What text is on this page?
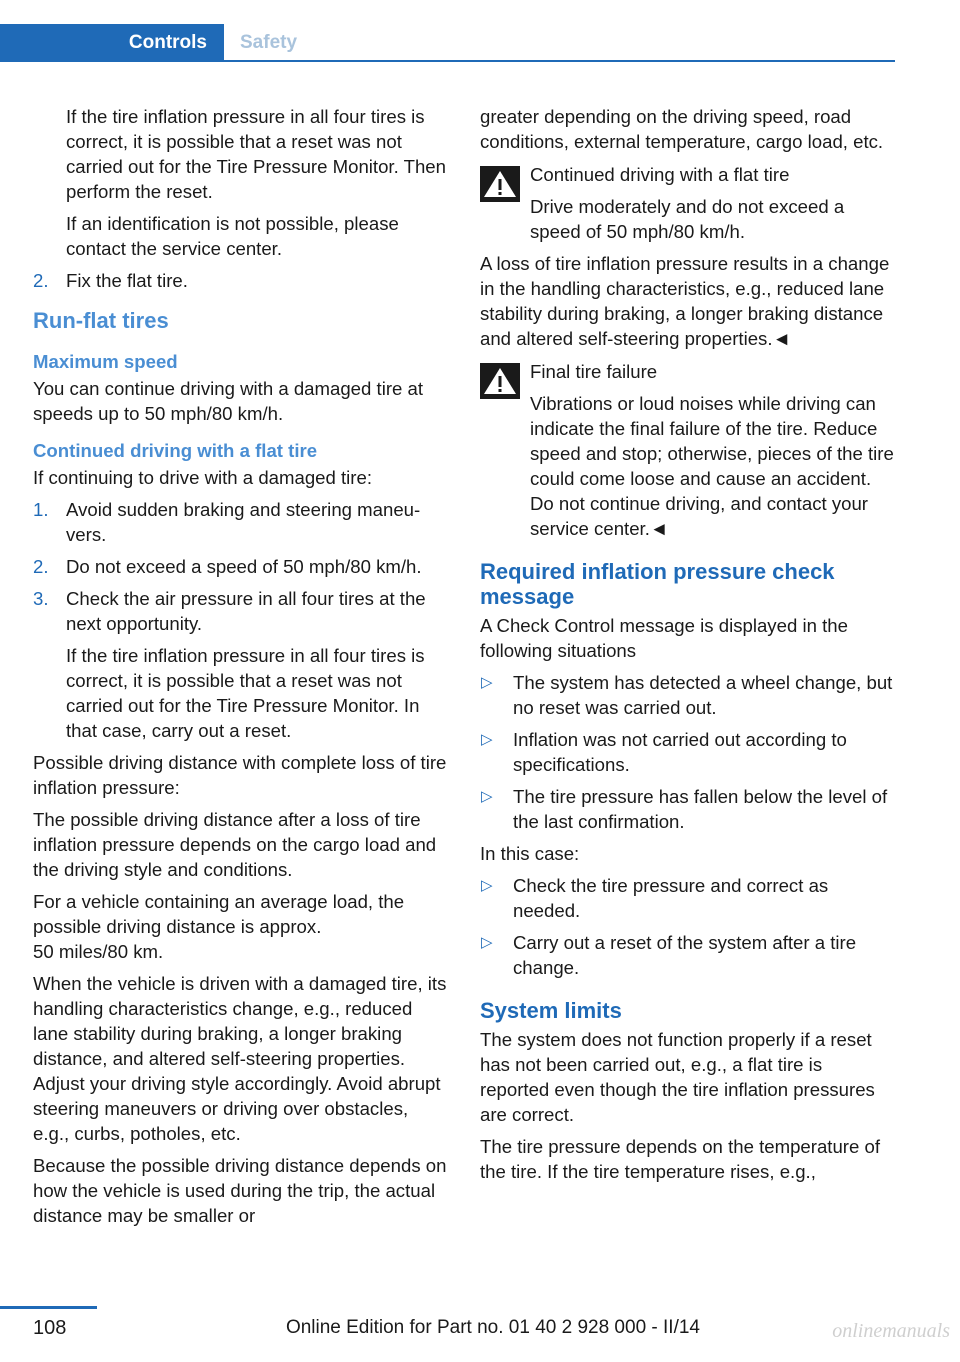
Controls	Safety

If the tire inflation pressure in all four tires is correct, it is possible that a reset was not carried out for the Tire Pressure Monitor. Then perform the reset.

If an identification is not possible, please contact the service center.

2. Fix the flat tire.
Run-flat tires
Maximum speed

You can continue driving with a damaged tire at speeds up to 50 mph/80 km/h.

Continued driving with a flat tire

If continuing to drive with a damaged tire:

1. Avoid sudden braking and steering maneuvers.
2. Do not exceed a speed of 50 mph/80 km/h.
3. Check the air pressure in all four tires at the next opportunity.

If the tire inflation pressure in all four tires is correct, it is possible that a reset was not carried out for the Tire Pressure Monitor. In that case, carry out a reset.

Possible driving distance with complete loss of tire inflation pressure:

The possible driving distance after a loss of tire inflation pressure depends on the cargo load and the driving style and conditions.

For a vehicle containing an average load, the possible driving distance is approx.

50 miles/80 km.

When the vehicle is driven with a damaged tire, its handling characteristics change, e.g., reduced lane stability during braking, a longer braking distance, and altered self-steering properties. Adjust your driving style accordingly. Avoid abrupt steering maneuvers or driving over obstacles, e.g., curbs, potholes, etc.

Because the possible driving distance depends on how the vehicle is used during the trip, the actual distance may be smaller or

greater depending on the driving speed, road conditions, external temperature, cargo load, etc.

Continued driving with a flat tire

Drive moderately and do not exceed a speed of 50 mph/80 km/h.

A loss of tire inflation pressure results in a change in the handling characteristics, e.g., reduced lane stability during braking, a longer braking distance and altered self-steering properties.◄

Final tire failure

Vibrations or loud noises while driving can indicate the final failure of the tire. Reduce speed and stop; otherwise, pieces of the tire could come loose and cause an accident. Do not continue driving, and contact your service center.◄

Required inflation pressure check message

A Check Control message is displayed in the following situations

▷ The system has detected a wheel change, but no reset was carried out.
▷ Inflation was not carried out according to specifications.
▷ The tire pressure has fallen below the level of the last confirmation.

In this case:

▷ Check the tire pressure and correct as needed.
▷ Carry out a reset of the system after a tire change.
System limits

The system does not function properly if a reset has not been carried out, e.g., a flat tire is reported even though the tire inflation pressures are correct.

The tire pressure depends on the temperature of the tire. If the tire temperature rises, e.g.,

108	Online Edition for Part no. 01 40 2 928 000 - II/14	onlinemanuals
